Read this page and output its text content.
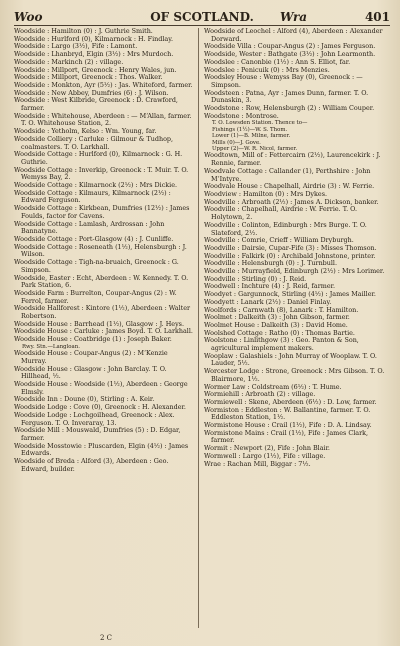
Woo	OF SCOTLAND.	Wra	401

Woodside : Hamilton (0) : J. Guthrie Smith.

Woodside : Hurlford (0), Kilmarnock : H. Findlay.

Woodside : Largo (3½), Fife : Lamont.

Woodside : Lhanbryd, Elgin (3½) : Mrs Murdoch.

Woodside : Markinch (2) : village.

Woodside : Millport, Greenock : Henry Wales, jun.

Woodside : Millport, Greenock : Thos. Walker.

Woodside : Monkton, Ayr (5½) : Jas. Whiteford, farmer.

Woodside : New Abbey, Dumfries (6) : J. Wilson.

Woodside : West Kilbride, Greenock : D. Crawford, farmer.

Woodside : Whitehouse, Aberdeen : — M‘Allan, farmer. T. O. Whitehouse Station, 2.

Woodside : Yetholm, Kelso : Wm. Young, far.

Woodside Colliery : Carluke : Gilmour & Tudhop, coalmasters. T. O. Larkhall.

Woodside Cottage : Hurlford (0), Kilmarnock : G. H. Guthrie.

Woodside Cottage : Inverkip, Greenock : T. Muir. T. O. Wemyss Bay, 2.

Woodside Cottage : Kilmarnock (2½) : Mrs Dickie.

Woodside Cottage : Kilmaurs, Kilmarnock (2½) : Edward Ferguson.

Woodside Cottage : Kirkbean, Dumfries (12½) : James Foulds, factor for Cavens.

Woodside Cottage : Lamlash, Ardrossan : John Bannatyne.

Woodside Cottage : Port-Glasgow (4) : J. Cunliffe.

Woodside Cottage : Roseneath (1½), Helensburgh : J. Wilson.

Woodside Cottage : Tigh-na-bruaich, Greenock : G. Simpson.

Woodside, Easter : Echt, Aberdeen : W. Kennedy. T. O. Park Station, 6.

Woodside Farm : Burrelton, Coupar-Angus (2) : W. Ferrol, farmer.

Woodside Hallforest : Kintore (1½), Aberdeen : Walter Robertson.

Woodside House : Barrhead (1½), Glasgow : J. Heys.

Woodside House : Carluke : James Boyd. T. O. Larkhall.

Woodside House : Coatbridge (1) : Joseph Baker.

Rwy. Stn.—Langloan.

Woodside House : Coupar-Angus (2) : M‘Kenzie Murray.

Woodside House : Glasgow : John Barclay. T. O. Hillhead, ½.

Woodside House : Woodside (1½), Aberdeen : George Elmsly.

Woodside Inn : Doune (0), Stirling : A. Keir.

Woodside Lodge : Cove (0), Greenock : H. Alexander.

Woodside Lodge : Lochgoilhead, Greenock : Alex. Ferguson. T. O. Inveraray, 13.

Woodside Mill : Mouswald, Dumfries (5) : D. Edgar, farmer.

Woodside Mosstowie : Pluscarden, Elgin (4½) : James Edwards.

Woodside of Breda : Alford (3), Aberdeen : Geo. Edward, builder.

Woodside of Leochel : Alford (4), Aberdeen : Alexander Dorward.

Woodside Villa : Coupar-Angus (2) : James Ferguson.

Woodside, Wester : Bathgate (3½) : John Learmonth.

Woodslee : Canonbie (1½) : Ann S. Elliot, far.

Woodslee : Penicuik (0) : Mrs Menzies.

Woodsley House : Wemyss Bay (0), Greenock : — Simpson.

Woodsteen : Patna, Ayr : James Dunn, farmer. T. O. Dunaskin, 3.

Woodstone : Row, Helensburgh (2) : William Couper.

Woodstone : Montrose.

T. O. Lowsden Station. Thence to—

Fishings (1½)—W. S. Thom.

Lower (1)—B. Milne, farmer.

Mills (0)—J. Gove.

Upper (2)—W. R. Nicol, farmer.

Woodtown, Mill of : Fettercairn (2½), Laurencekirk : J. Rennie, farmer.

Woodvale Cottage : Callander (1), Perthshire : John M‘Intyre.

Woodvale House : Chapelhall, Airdrie (3) : W. Ferrie.

Woodview : Hamilton (0) : Mrs Dykes.

Woodville : Arbroath (2½) : James A. Dickson, banker.

Woodville : Chapelhall, Airdrie : W. Ferrie. T. O. Holytown, 2.

Woodville : Colinton, Edinburgh : Mrs Burge. T. O. Slateford, 2½.

Woodville : Comrie, Crieff : William Dryburgh.

Woodville : Dairsie, Cupar-Fife (3) : Misses Thomson.

Woodville : Falkirk (0) : Archibald Johnstone, printer.

Woodville : Helensburgh (0) : J. Turnbull.

Woodville : Murrayfield, Edinburgh (2½) : Mrs Lorimer.

Woodville : Stirling (0) : J. Reid.

Woodwell : Inchture (4) : J. Reid, farmer.

Woodyet : Gargunnock, Stirling (4½) : James Mailler.

Woodyett : Lanark (2½) : Daniel Finlay.

Woolfords : Carnwath (8), Lanark : T. Hamilton.

Woolmet : Dalkeith (3) : John Gibson, farmer.

Woolmet House : Dalkeith (3) : David Home.

Woolshed Cottage : Ratho (0) : Thomas Bartie.

Woolstone : Linlithgow (3) : Geo. Panton & Son, agricultural implement makers.

Wooplaw : Galashiels : John Murray of Wooplaw. T. O. Lauder, 5½.

Worcester Lodge : Strone, Greenock : Mrs Gibson. T. O. Blairmore, 1½.

Wormer Law : Coldstream (6½) : T. Hume.

Wormiehill : Arbroath (2) : village.

Wormiewell : Skene, Aberdeen (6½) : D. Low, farmer.

Wormiston : Eddleston : W. Ballantine, farmer. T. O. Eddleston Station, 1½.

Wormistone House : Crail (1½), Fife : D. A. Lindsay.

Wormistone Mains : Crail (1½), Fife : James Clark, farmer.

Wormit : Newport (2), Fife : John Blair.

Wormwell : Largo (1½), Fife : village.

Wrae : Rachan Mill, Biggar : 7½.

2 C
